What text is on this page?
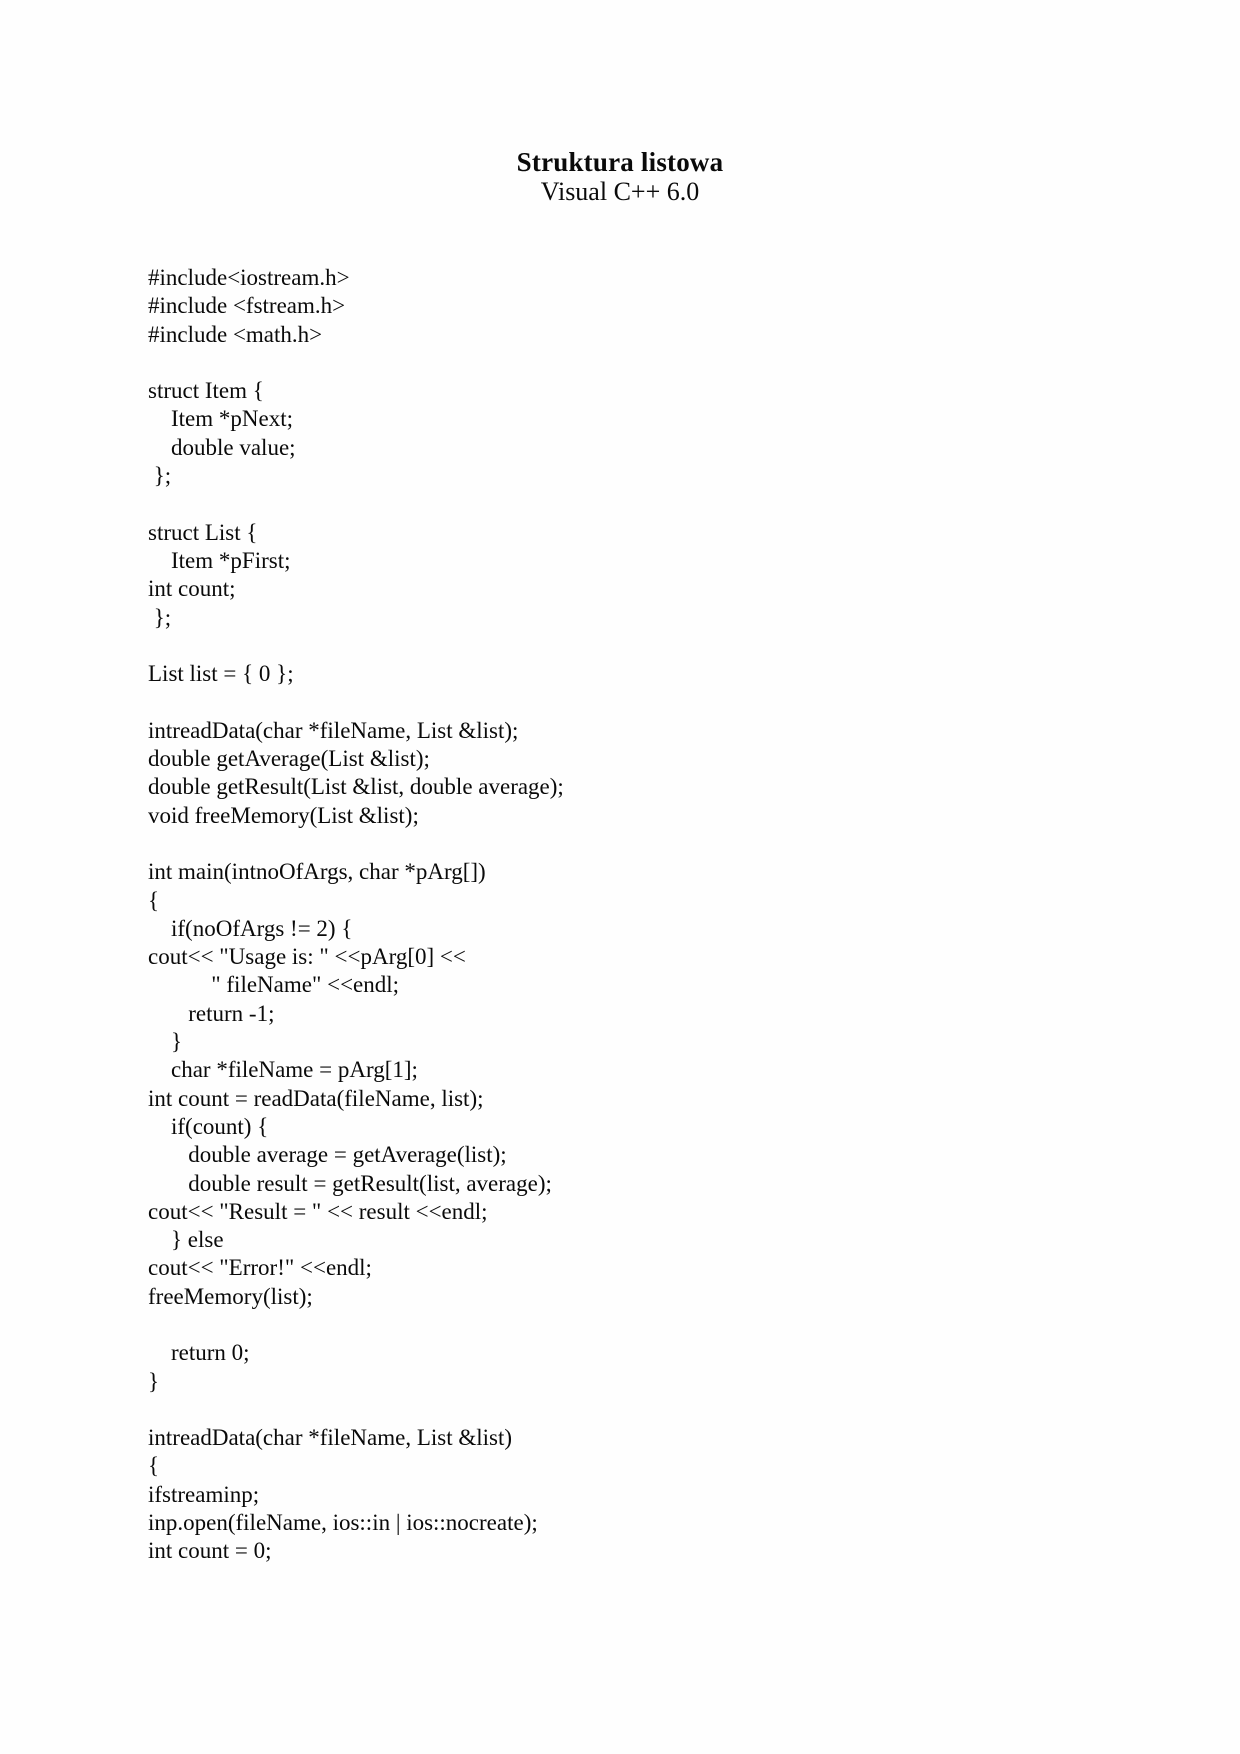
Struktura listowa
Visual C++ 6.0
#include<iostream.h>
#include <fstream.h>
#include <math.h>
struct Item {
Item *pNext;
double value;
};
struct List {
Item *pFirst;
int count;
};
List list = { 0 };
intreadData(char *fileName, List &list);
double getAverage(List &list);
double getResult(List &list, double average);
void freeMemory(List &list);
int main(intnoOfArgs, char *pArg[])
{
if(noOfArgs != 2) {
cout<< "Usage is: " <<pArg[0] <<
" fileName" <<endl;
return -1;
}
char *fileName = pArg[1];
int count = readData(fileName, list);
if(count) {
double average = getAverage(list);
double result = getResult(list, average);
cout<< "Result = " << result <<endl;
} else
cout<< "Error!" <<endl;
freeMemory(list);
return 0;
}
intreadData(char *fileName, List &list)
{
ifstreaminp;
inp.open(fileName, ios::in | ios::nocreate);
int count = 0;
